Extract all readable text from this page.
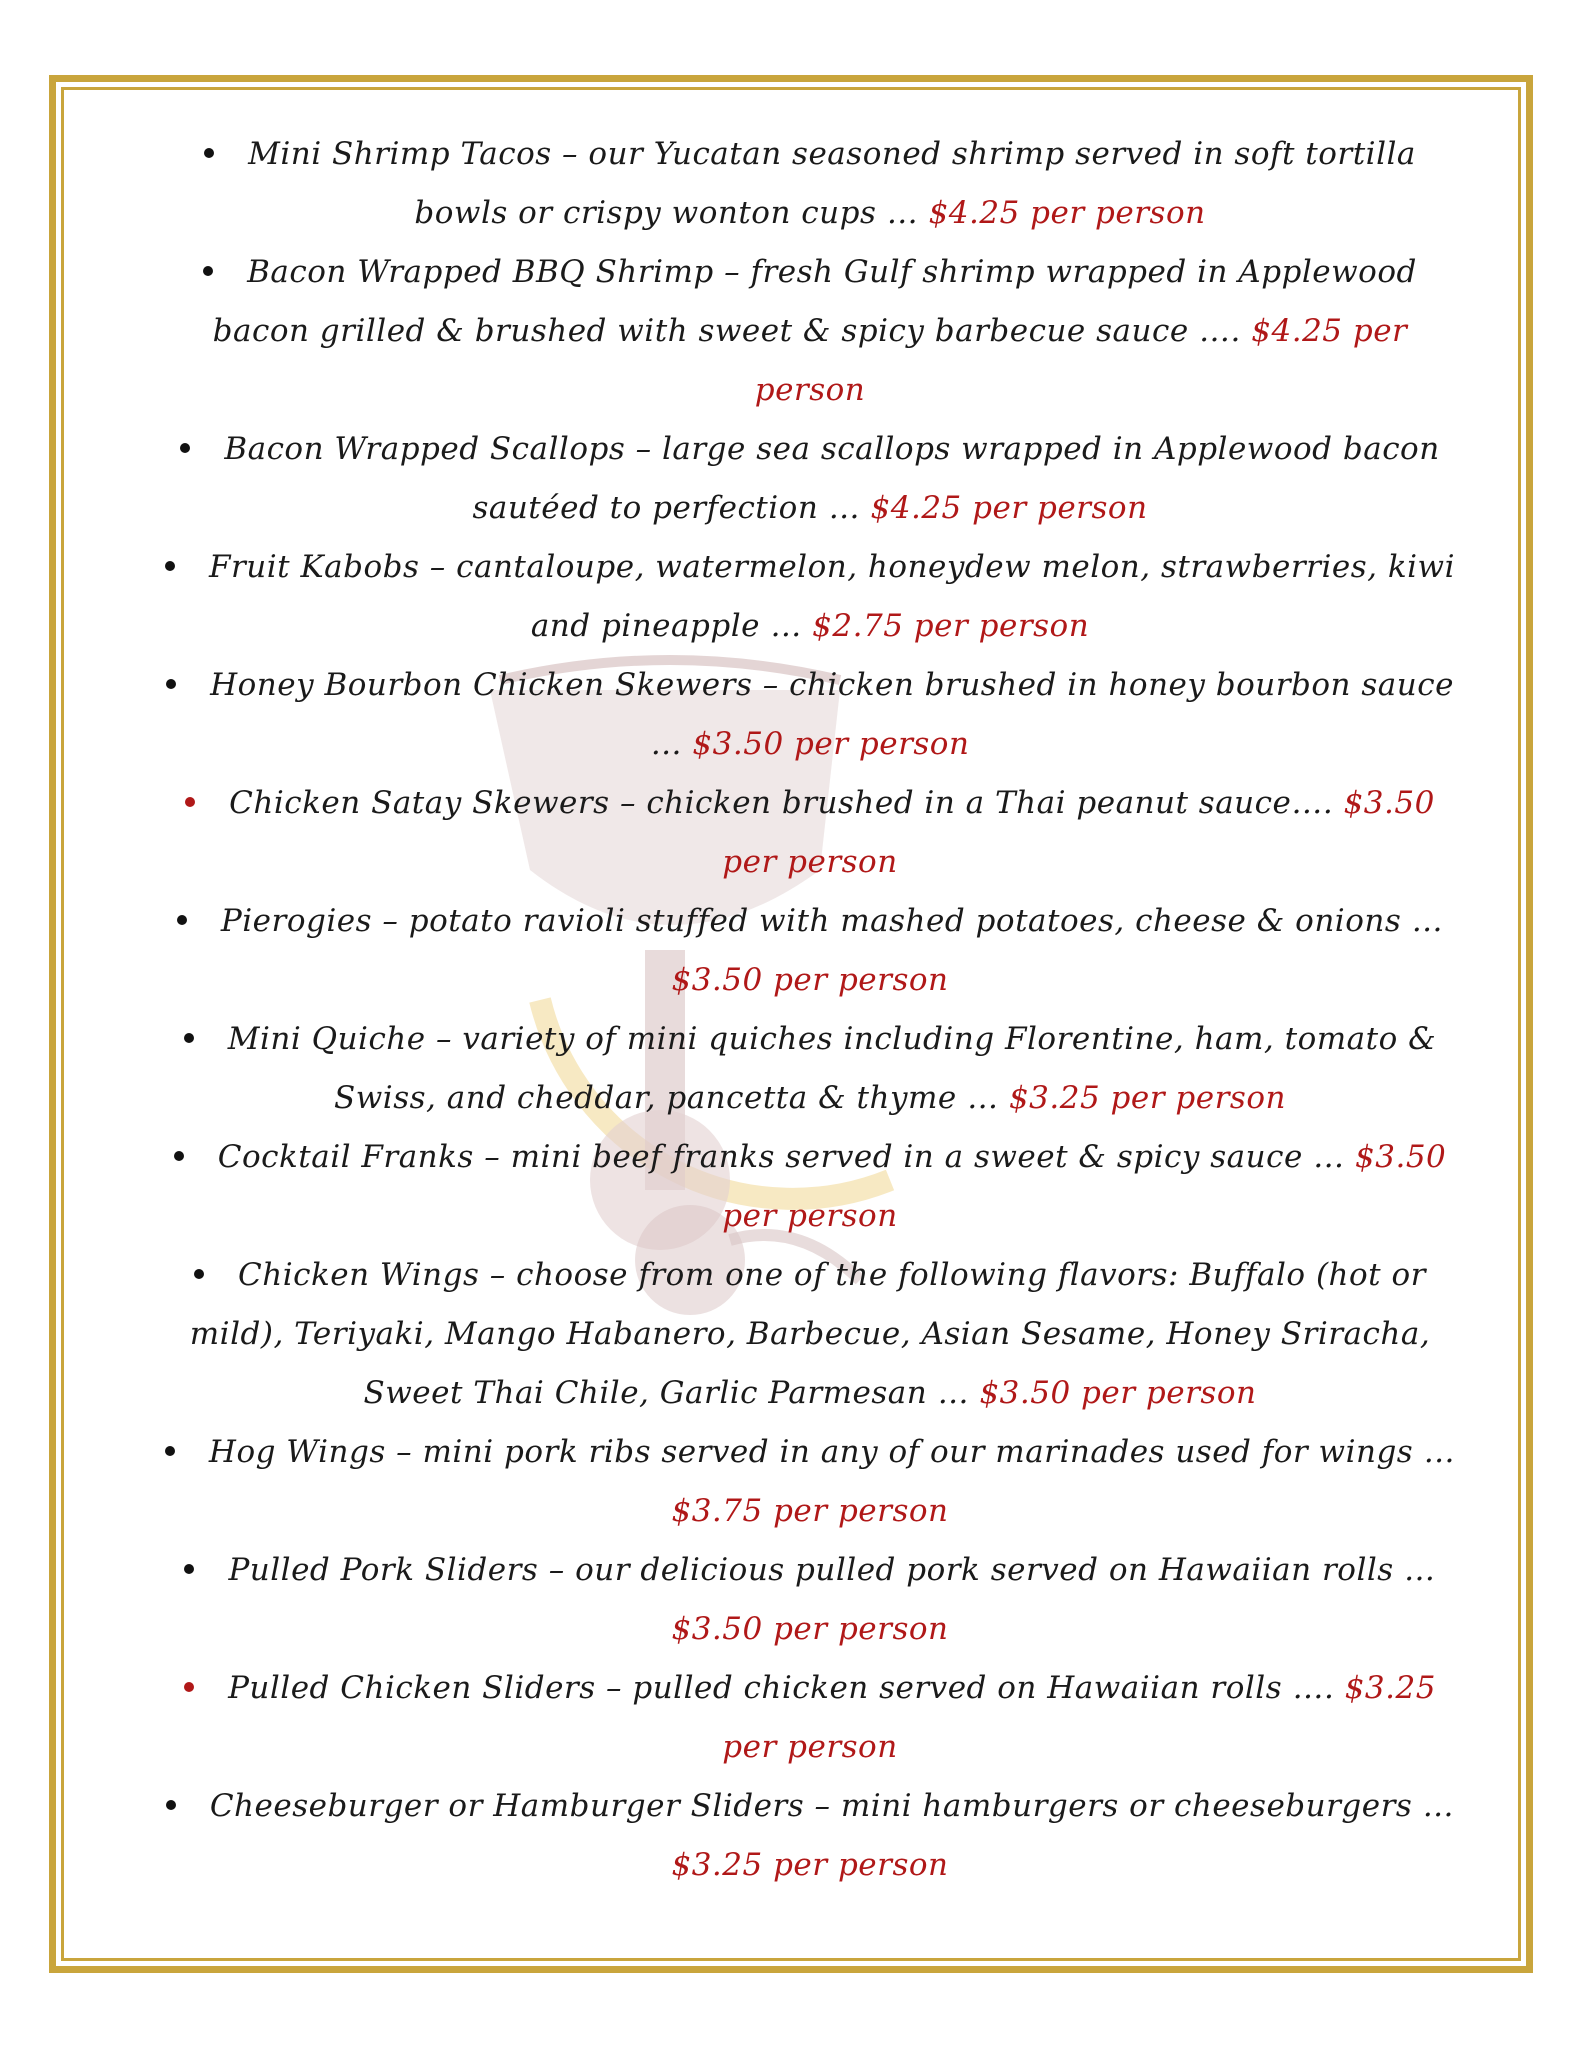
Mini Shrimp Tacos – our Yucatan seasoned shrimp served in soft tortilla bowls or crispy wonton cups … $4.25 per person
Bacon Wrapped BBQ Shrimp – fresh Gulf shrimp wrapped in Applewood bacon grilled & brushed with sweet & spicy barbecue sauce …. $4.25 per person
Bacon Wrapped Scallops – large sea scallops wrapped in Applewood bacon sautéed to perfection … $4.25 per person
Fruit Kabobs – cantaloupe, watermelon, honeydew melon, strawberries, kiwi and pineapple … $2.75 per person
Honey Bourbon Chicken Skewers – chicken brushed in honey bourbon sauce … $3.50 per person
Chicken Satay Skewers – chicken brushed in a Thai peanut sauce…. $3.50 per person
Pierogies – potato ravioli stuffed with mashed potatoes, cheese & onions … $3.50 per person
Mini Quiche – variety of mini quiches including Florentine, ham, tomato & Swiss, and cheddar, pancetta & thyme … $3.25 per person
Cocktail Franks – mini beef franks served in a sweet & spicy sauce … $3.50 per person
Chicken Wings – choose from one of the following flavors: Buffalo (hot or mild), Teriyaki, Mango Habanero, Barbecue, Asian Sesame, Honey Sriracha, Sweet Thai Chile, Garlic Parmesan … $3.50 per person
Hog Wings – mini pork ribs served in any of our marinades used for wings … $3.75 per person
Pulled Pork Sliders – our delicious pulled pork served on Hawaiian rolls … $3.50 per person
Pulled Chicken Sliders – pulled chicken served on Hawaiian rolls …. $3.25 per person
Cheeseburger or Hamburger Sliders – mini hamburgers or cheeseburgers … $3.25 per person
